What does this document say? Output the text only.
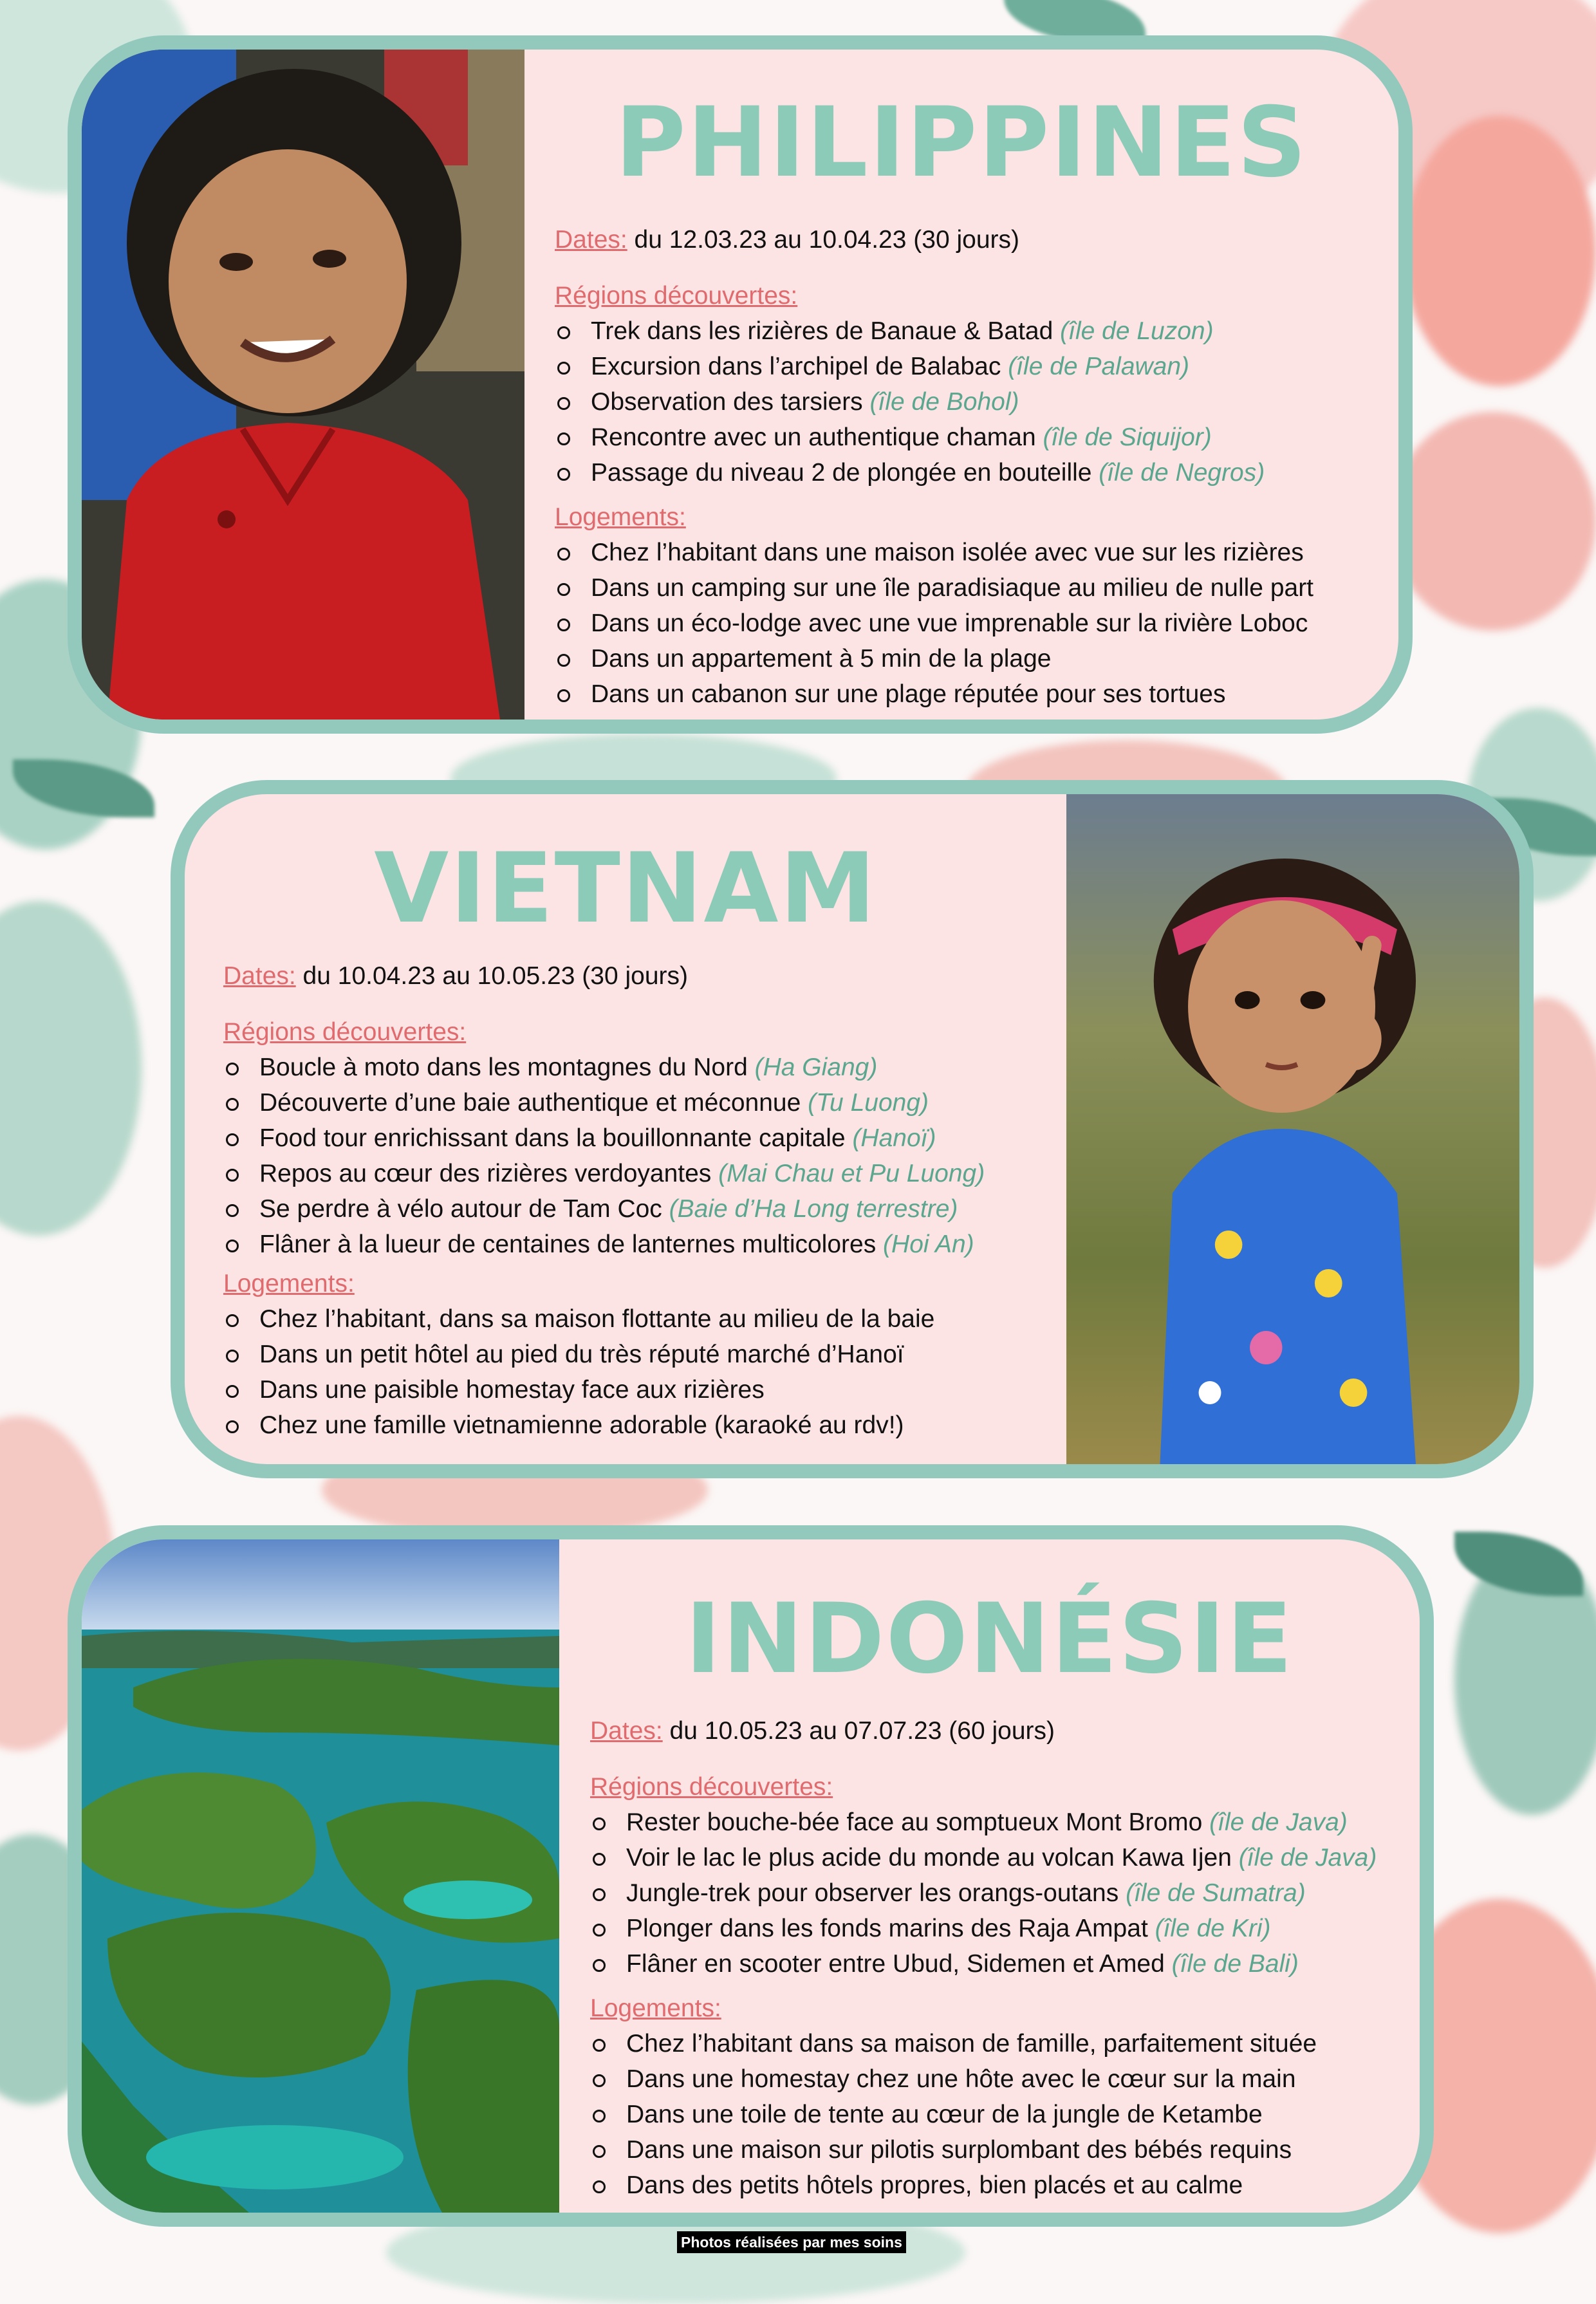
PHILIPPINES

Dates: du 12.03.23 au 10.04.23 (30 jours)

Régions découvertes:
Trek dans les rizières de Banaue & Batad (île de Luzon)
Excursion dans l’archipel de Balabac (île de Palawan)
Observation des tarsiers (île de Bohol)
Rencontre avec un authentique chaman (île de Siquijor)
Passage du niveau 2 de plongée en bouteille (île de Negros)
Logements:
Chez l’habitant dans une maison isolée avec vue sur les rizières
Dans un camping sur une île paradisiaque au milieu de nulle part
Dans un éco-lodge avec une vue imprenable sur la rivière Loboc
Dans un appartement à 5 min de la plage
Dans un cabanon sur une plage réputée pour ses tortues
VIETNAM

Dates: du 10.04.23 au 10.05.23 (30 jours)

Régions découvertes:
Boucle à moto dans les montagnes du Nord (Ha Giang)
Découverte d’une baie authentique et méconnue (Tu Luong)
Food tour enrichissant dans la bouillonnante capitale (Hanoï)
Repos au cœur des rizières verdoyantes (Mai Chau et Pu Luong)
Se perdre à vélo autour de Tam Coc (Baie d’Ha Long terrestre)
Flâner à la lueur de centaines de lanternes multicolores (Hoi An)
Logements:
Chez l’habitant, dans sa maison flottante au milieu de la baie
Dans un petit hôtel au pied du très réputé marché d’Hanoï
Dans une paisible homestay face aux rizières
Chez une famille vietnamienne adorable (karaoké au rdv!)
INDONÉSIE

Dates: du 10.05.23 au 07.07.23 (60 jours)

Régions découvertes:
Rester bouche-bée face au somptueux Mont Bromo (île de Java)
Voir le lac le plus acide du monde au volcan Kawa Ijen (île de Java)
Jungle-trek pour observer les orangs-outans (île de Sumatra)
Plonger dans les fonds marins des Raja Ampat (île de Kri)
Flâner en scooter entre Ubud, Sidemen et Amed (île de Bali)
Logements:
Chez l’habitant dans sa maison de famille, parfaitement située
Dans une homestay chez une hôte avec le cœur sur la main
Dans une toile de tente au cœur de la jungle de Ketambe
Dans une maison sur pilotis surplombant des bébés requins
Dans des petits hôtels propres, bien placés et au calme
Photos réalisées par mes soins
